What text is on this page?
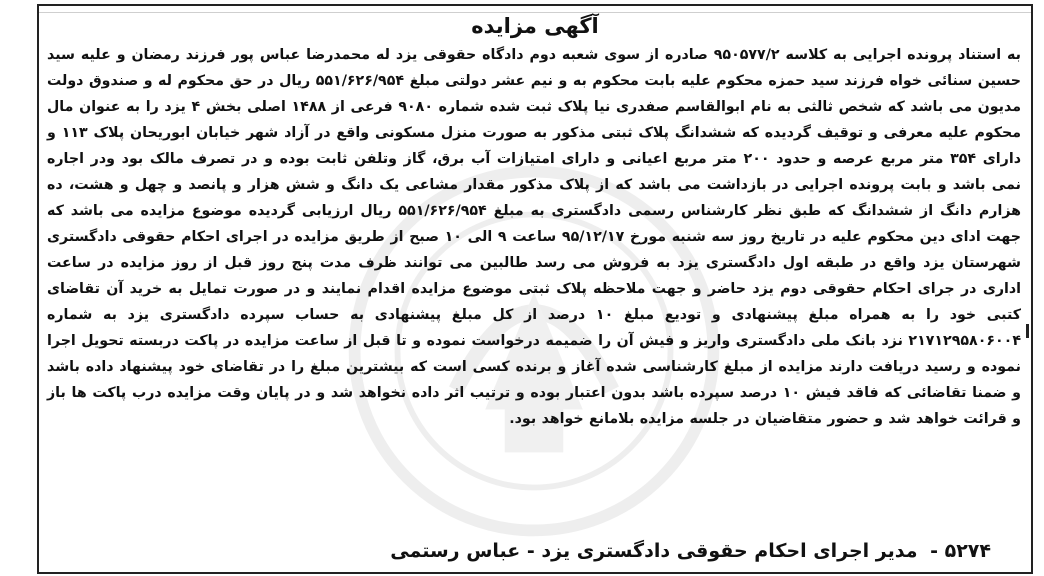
آگهی مزایده
به استناد پرونده اجرایی به کلاسه ۹۵۰۵۷۷/۲ صادره از سوی شعبه دوم دادگاه حقوقی یزد له محمدرضا عباس پور فرزند رمضان و علیه سید حسین سنائی خواه فرزند سید حمزه محکوم علیه بابت محکوم به و نیم عشر دولتی مبلغ ۵۵۱/۶۲۶/۹۵۴ ریال در حق محکوم له و صندوق دولت مدیون می باشد که شخص ثالثی به نام ابوالقاسم صفدری نیا پلاک ثبت شده شماره ۹۰۸۰ فرعی از ۱۴۸۸ اصلی بخش ۴ یزد را به عنوان مال محکوم علیه معرفی و توقیف گردیده که ششدانگ پلاک ثبتی مذکور به صورت منزل مسکونی واقع در آزاد شهر خیابان ابوریحان پلاک ۱۱۳ و دارای ۳۵۴ متر مربع عرصه و حدود ۲۰۰ متر مربع اعیانی و دارای امتیازات آب برق، گاز وتلفن ثابت بوده و در تصرف مالک بود ودر اجاره نمی باشد و بابت پرونده اجرایی در بازداشت می باشد که از پلاک مذکور مقدار مشاعی یک دانگ و شش هزار و پانصد و چهل و هشت، ده هزارم دانگ از ششدانگ که طبق نظر کارشناس رسمی دادگستری به مبلغ ۵۵۱/۶۲۶/۹۵۴ ریال ارزیابی گردیده موضوع مزایده می باشد که جهت ادای دین محکوم علیه در تاریخ روز سه شنبه مورخ ۹۵/۱۲/۱۷ ساعت ۹ الی ۱۰ صبح از طریق مزایده در اجرای احکام حقوقی دادگستری شهرستان یزد واقع در طبقه اول دادگستری یزد به فروش می رسد طالبین می توانند ظرف مدت پنج روز قبل از روز مزایده در ساعت اداری در جرای احکام حقوقی دوم یزد حاضر و جهت ملاحظه پلاک ثبتی موضوع مزایده اقدام نمایند و در صورت تمایل به خرید آن تقاضای کتبی خود را به همراه مبلغ پیشنهادی و تودیع مبلغ ۱۰ درصد از کل مبلغ پیشنهادی به حساب سپرده دادگستری یزد به شماره ۲۱۷۱۲۹۵۸۰۶۰۰۴ نزد بانک ملی دادگستری واریز و فیش آن را ضمیمه درخواست نموده و تا قبل از ساعت مزایده در پاکت دربسته تحویل اجرا نموده و رسید دریافت دارند مزایده از مبلغ کارشناسی شده آغاز و برنده کسی است که بیشترین مبلغ را در تقاضای خود پیشنهاد داده باشد و ضمنا تقاضائی که فاقد فیش ۱۰ درصد سپرده باشد بدون اعتبار بوده و ترتیب اثر داده نخواهد شد و در پایان وقت مزایده درب پاکت ها باز و قرائت خواهد شد و حضور متقاضیان در جلسه مزایده بلامانع خواهد بود.
۵۲۷۴ - مدیر اجرای احکام حقوقی دادگستری یزد - عباس رستمی
